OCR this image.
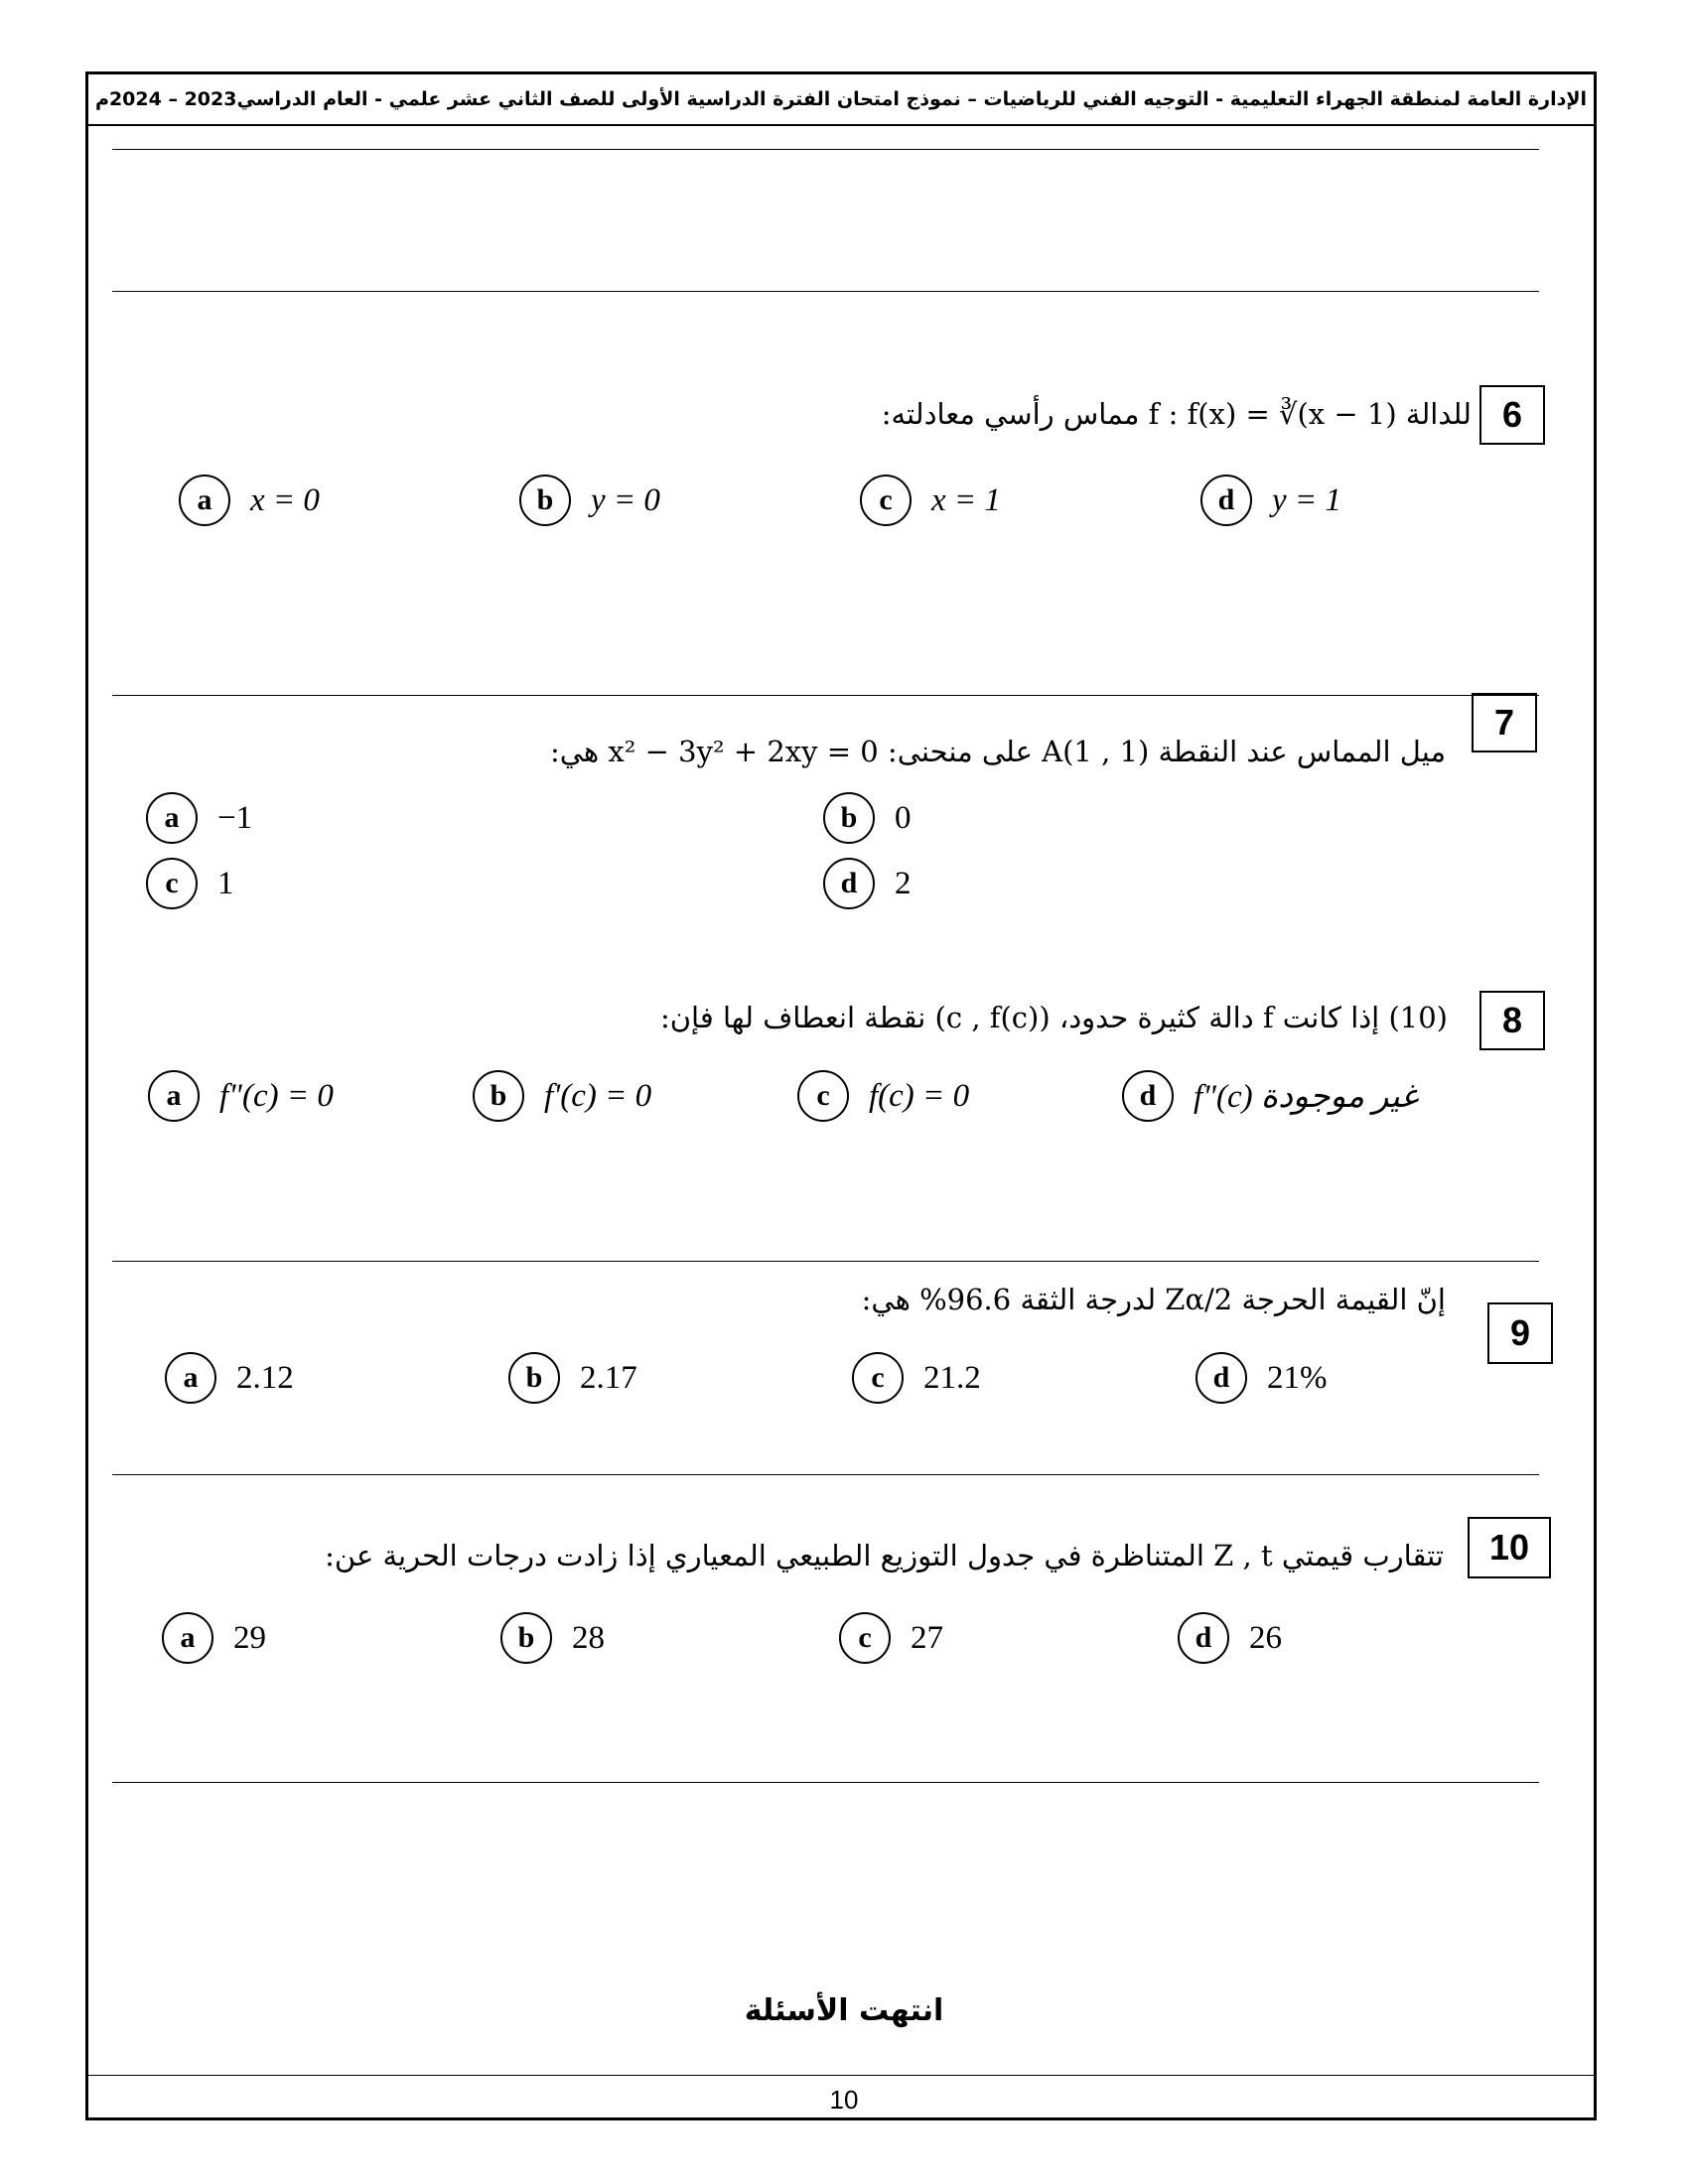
الإدارة العامة لمنطقة الجهراء التعليمية - التوجيه الفني للرياضيات – نموذج امتحان الفترة الدراسية الأولى للصف الثاني عشر علمي - العام الدراسي2023 – 2024م
6
للدالة f : f(x) = ∛(x − 1) مماس رأسي معادلته:
a	x = 0	b	y = 0	c	x = 1	d	y = 1
7
ميل المماس عند النقطة A(1 , 1) على منحنى: x² − 3y² + 2xy = 0 هي:
a	−1	b	0
c	1	d	2
8
(10) إذا كانت f دالة كثيرة حدود، (c , f(c)) نقطة انعطاف لها فإن:
a	f"(c) = 0	b	f'(c) = 0	c	f(c) = 0	d	f"(c) غير موجودة
9
إنّ القيمة الحرجة Zα/2 لدرجة الثقة 96.6% هي:
a	2.12	b	2.17	c	21.2	d	21%
10
تتقارب قيمتي Z , t المتناظرة في جدول التوزيع الطبيعي المعياري إذا زادت درجات الحرية عن:
a	29	b	28	c	27	d	26
انتهت الأسئلة
10
